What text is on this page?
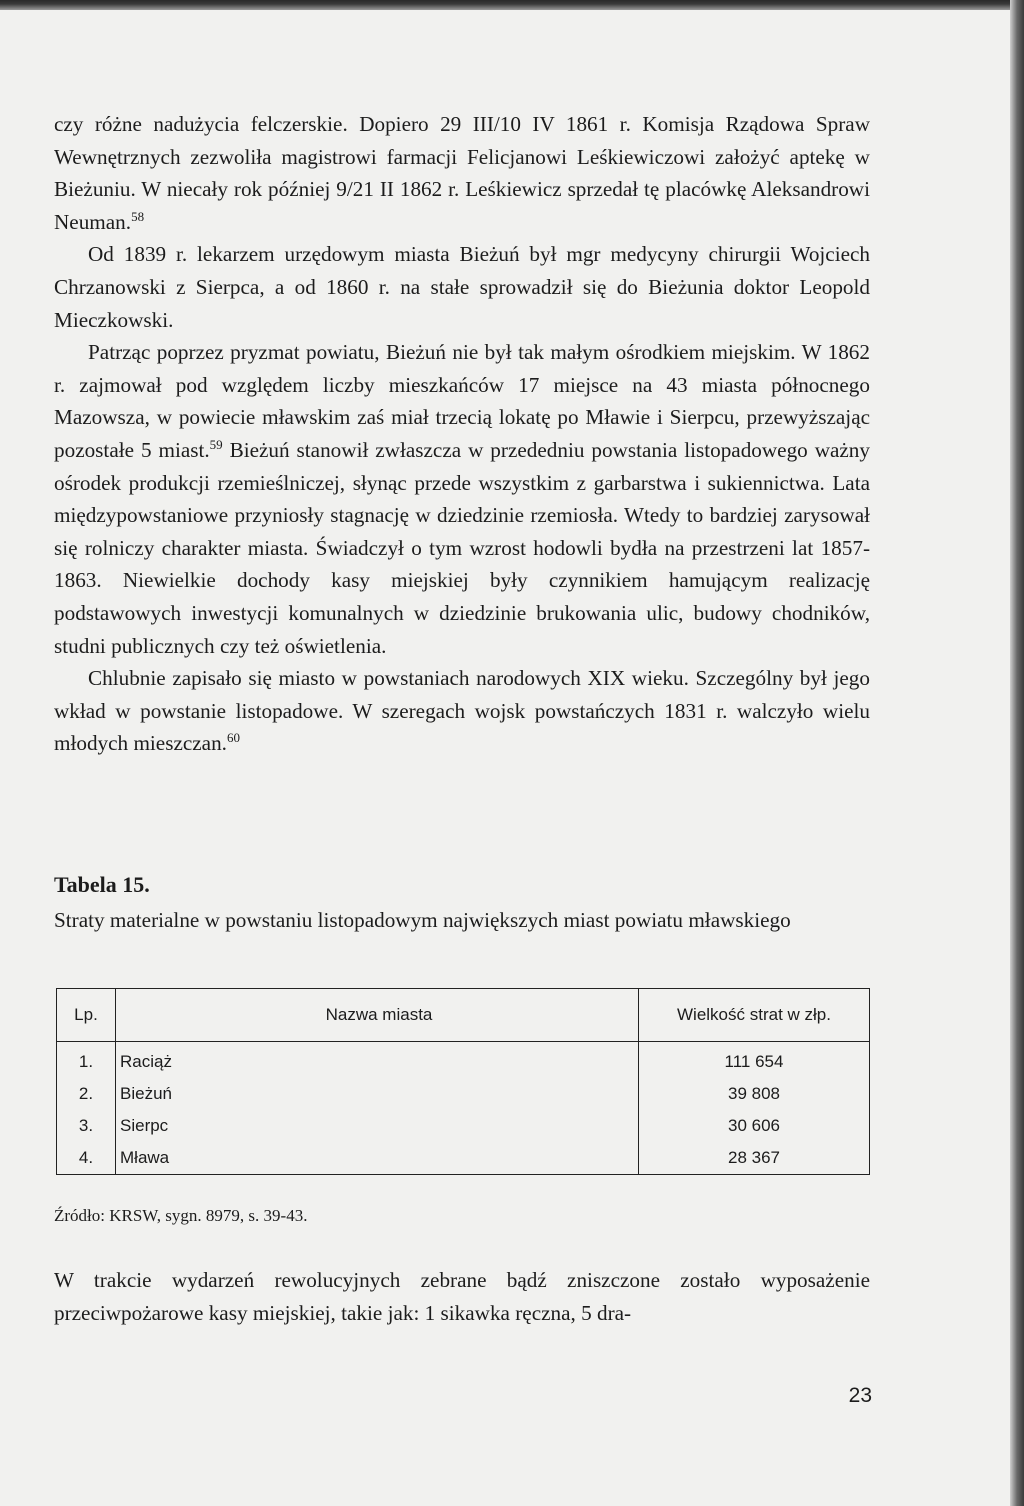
czy różne nadużycia felczerskie. Dopiero 29 III/10 IV 1861 r. Komisja Rządowa Spraw Wewnętrznych zezwoliła magistrowi farmacji Felicjanowi Leśkiewiczowi założyć aptekę w Bieżuniu. W niecały rok później 9/21 II 1862 r. Leśkiewicz sprzedał tę placówkę Aleksandrowi Neuman.$^{58}$

Od 1839 r. lekarzem urzędowym miasta Bieżuń był mgr medycyny chirurgii Wojciech Chrzanowski z Sierpca, a od 1860 r. na stałe sprowadził się do Bieżunia doktor Leopold Mieczkowski.

Patrząc poprzez pryzmat powiatu, Bieżuń nie był tak małym ośrodkiem miejskim. W 1862 r. zajmował pod względem liczby mieszkańców 17 miejsce na 43 miasta północnego Mazowsza, w powiecie mławskim zaś miał trzecią lokatę po Mławie i Sierpcu, przewyższając pozostałe 5 miast.$^{59}$ Bieżuń stanowił zwłaszcza w przededniu powstania listopadowego ważny ośrodek produkcji rzemieślniczej, słynąc przede wszystkim z garbarstwa i sukiennictwa. Lata międzypowstaniowe przyniosły stagnację w dziedzinie rzemiosła. Wtedy to bardziej zarysował się rolniczy charakter miasta. Świadczył o tym wzrost hodowli bydła na przestrzeni lat 1857-1863. Niewielkie dochody kasy miejskiej były czynnikiem hamującym realizację podstawowych inwestycji komunalnych w dziedzinie brukowania ulic, budowy chodników, studni publicznych czy też oświetlenia.

Chlubnie zapisało się miasto w powstaniach narodowych XIX wieku. Szczególny był jego wkład w powstanie listopadowe. W szeregach wojsk powstańczych 1831 r. walczyło wielu młodych mieszczan.$^{60}$

Tabela 15.
Straty materialne w powstaniu listopadowym największych miast powiatu mławskiego
Lp.	Nazwa miasta	Wielkość strat w złp.
1.	Raciąż	111 654
2.	Bieżuń	39 808
3.	Sierpc	30 606
4.	Mława	28 367
Źródło: KRSW, sygn. 8979, s. 39-43.

W trakcie wydarzeń rewolucyjnych zebrane bądź zniszczone zostało wyposażenie przeciwpożarowe kasy miejskiej, takie jak: 1 sikawka ręczna, 5 dra-

23
